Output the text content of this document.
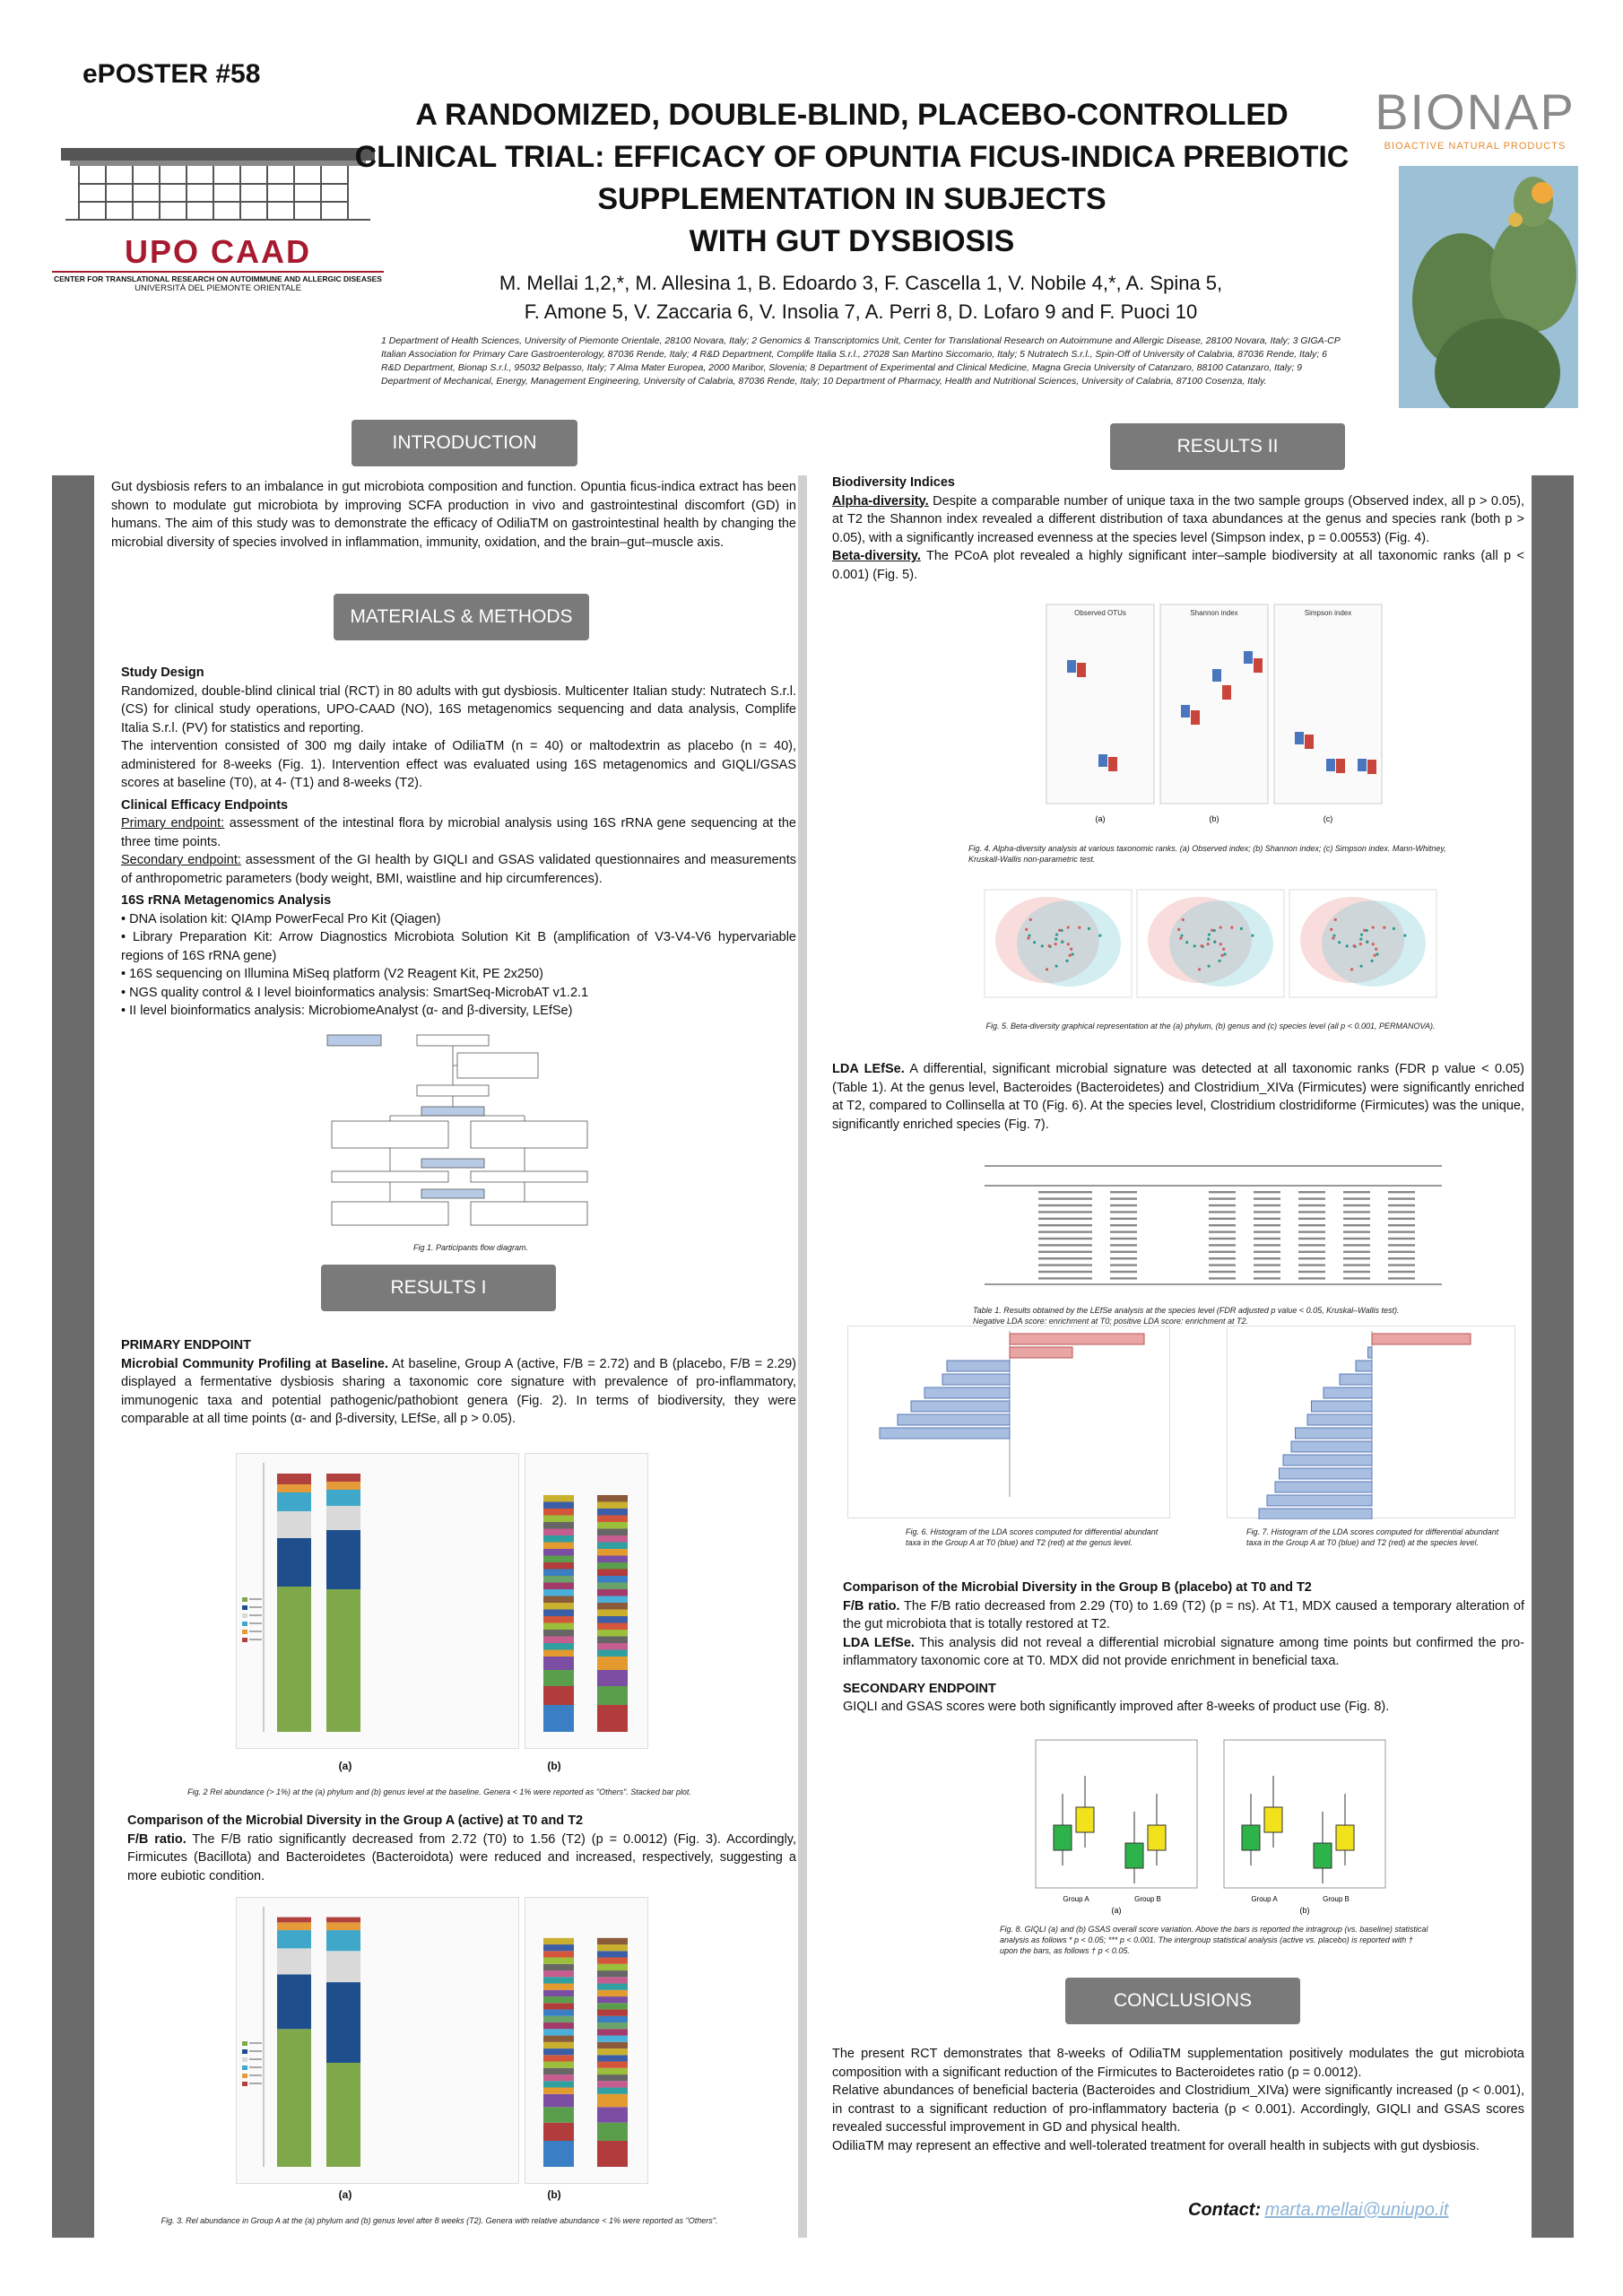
ePOSTER #58
UPO CAAD
CENTER FOR TRANSLATIONAL RESEARCH ON AUTOIMMUNE AND ALLERGIC DISEASES
UNIVERSITÀ DEL PIEMONTE ORIENTALE
A RANDOMIZED, DOUBLE-BLIND, PLACEBO-CONTROLLED
CLINICAL TRIAL: EFFICACY OF OPUNTIA FICUS-INDICA PREBIOTIC
SUPPLEMENTATION IN SUBJECTS
WITH GUT DYSBIOSIS
M. Mellai 1,2,*, M. Allesina 1, B. Edoardo 3, F. Cascella 1, V. Nobile 4,*, A. Spina 5,
F. Amone 5, V. Zaccaria 6, V. Insolia 7, A. Perri 8, D. Lofaro 9 and F. Puoci 10
1 Department of Health Sciences, University of Piemonte Orientale, 28100 Novara, Italy; 2 Genomics & Transcriptomics Unit, Center for Translational Research on Autoimmune and Allergic Disease, 28100 Novara, Italy; 3 GIGA-CP Italian Association for Primary Care Gastroenterology, 87036 Rende, Italy; 4 R&D Department, Complife Italia S.r.l., 27028 San Martino Siccomario, Italy; 5 Nutratech S.r.l., Spin-Off of University of Calabria, 87036 Rende, Italy; 6 R&D Department, Bionap S.r.l., 95032 Belpasso, Italy; 7 Alma Mater Europea, 2000 Maribor, Slovenia; 8 Department of Experimental and Clinical Medicine, Magna Grecia University of Catanzaro, 88100 Catanzaro, Italy; 9 Department of Mechanical, Energy, Management Engineering, University of Calabria, 87036 Rende, Italy; 10 Department of Pharmacy, Health and Nutritional Sciences, University of Calabria, 87100 Cosenza, Italy.
BIONAP
BIOACTIVE NATURAL PRODUCTS
INTRODUCTION
Gut dysbiosis refers to an imbalance in gut microbiota composition and function. Opuntia ficus-indica extract has been shown to modulate gut microbiota by improving SCFA production in vivo and gastrointestinal discomfort (GD) in humans. The aim of this study was to demonstrate the efficacy of OdiliaTM on gastrointestinal health by changing the microbial diversity of species involved in inflammation, immunity, oxidation, and the brain–gut–muscle axis.
MATERIALS & METHODS

Study Design

Randomized, double-blind clinical trial (RCT) in 80 adults with gut dysbiosis. Multicenter Italian study: Nutratech S.r.l. (CS) for clinical study operations, UPO-CAAD (NO), 16S metagenomics sequencing and data analysis, Complife Italia S.r.l. (PV) for statistics and reporting.

The intervention consisted of 300 mg daily intake of OdiliaTM (n = 40) or maltodextrin as placebo (n = 40), administered for 8-weeks (Fig. 1). Intervention effect was evaluated using 16S metagenomics and GIQLI/GSAS scores at baseline (T0), at 4- (T1) and 8-weeks (T2).

Clinical Efficacy Endpoints

Primary endpoint: assessment of the intestinal flora by microbial analysis using 16S rRNA gene sequencing at the three time points.

Secondary endpoint: assessment of the GI health by GIQLI and GSAS validated questionnaires and measurements of anthropometric parameters (body weight, BMI, waistline and hip circumferences).

16S rRNA Metagenomics Analysis

• DNA isolation kit: QIAmp PowerFecal Pro Kit (Qiagen)

• Library Preparation Kit: Arrow Diagnostics Microbiota Solution Kit B (amplification of V3-V4-V6 hypervariable regions of 16S rRNA gene)

• 16S sequencing on Illumina MiSeq platform (V2 Reagent Kit, PE 2x250)

• NGS quality control & I level bioinformatics analysis: SmartSeq-MicrobAT v1.2.1

• II level bioinformatics analysis: MicrobiomeAnalyst (α- and β-diversity, LEfSe)

Fig 1. Participants flow diagram.
RESULTS I

PRIMARY ENDPOINT

Microbial Community Profiling at Baseline. At baseline, Group A (active, F/B = 2.72) and B (placebo, F/B = 2.29) displayed a fermentative dysbiosis sharing a taxonomic core signature with prevalence of pro-inflammatory, immunogenic taxa and potential pathogenic/pathobiont genera (Fig. 2). In terms of biodiversity, they were comparable at all time points (α- and β-diversity, LEfSe, all p > 0.05).

(a)	(b)
Fig. 2 Rel abundance (> 1%) at the (a) phylum and (b) genus level at the baseline. Genera < 1% were reported as "Others". Stacked bar plot.

Comparison of the Microbial Diversity in the Group A (active) at T0 and T2

F/B ratio. The F/B ratio significantly decreased from 2.72 (T0) to 1.56 (T2) (p = 0.0012) (Fig. 3). Accordingly, Firmicutes (Bacillota) and Bacteroidetes (Bacteroidota) were reduced and increased, respectively, suggesting a more eubiotic condition.

(a)	(b)
Fig. 3. Rel abundance in Group A at the (a) phylum and (b) genus level after 8 weeks (T2). Genera with relative abundance < 1% were reported as "Others".
RESULTS II

Biodiversity Indices

Alpha-diversity. Despite a comparable number of unique taxa in the two sample groups (Observed index, all p > 0.05), at T2 the Shannon index revealed a different distribution of taxa abundances at the genus and species rank (both p > 0.05), with a significantly increased evenness at the species level (Simpson index, p = 0.00553) (Fig. 4).

Beta-diversity. The PCoA plot revealed a highly significant inter–sample biodiversity at all taxonomic ranks (all p < 0.001) (Fig. 5).

Observed OTUs	Shannon index	Simpson index
(a)	(b)	(c)
Fig. 4. Alpha-diversity analysis at various taxonomic ranks. (a) Observed index; (b) Shannon index; (c) Simpson index. Mann-Whitney, Kruskall-Wallis non-parametric test.
Fig. 5. Beta-diversity graphical representation at the (a) phylum, (b) genus and (c) species level (all p < 0.001, PERMANOVA).
LDA LEfSe. A differential, significant microbial signature was detected at all taxonomic ranks (FDR p value < 0.05) (Table 1). At the genus level, Bacteroides (Bacteroidetes) and Clostridium_XIVa (Firmicutes) were significantly enriched at T2, compared to Collinsella at T0 (Fig. 6). At the species level, Clostridium clostridiforme (Firmicutes) was the unique, significantly enriched species (Fig. 7).
Table 1. Results obtained by the LEfSe analysis at the species level (FDR adjusted p value < 0.05, Kruskal–Wallis test). Negative LDA score: enrichment at T0; positive LDA score: enrichment at T2.
Fig. 6. Histogram of the LDA scores computed for differential abundant taxa in the Group A at T0 (blue) and T2 (red) at the genus level.
Fig. 7. Histogram of the LDA scores computed for differential abundant taxa in the Group A at T0 (blue) and T2 (red) at the species level.

Comparison of the Microbial Diversity in the Group B (placebo) at T0 and T2

F/B ratio. The F/B ratio decreased from 2.29 (T0) to 1.69 (T2) (p = ns). At T1, MDX caused a temporary alteration of the gut microbiota that is totally restored at T2.

LDA LEfSe. This analysis did not reveal a differential microbial signature among time points but confirmed the pro-inflammatory taxonomic core at T0. MDX did not provide enrichment in beneficial taxa.

SECONDARY ENDPOINT

GIQLI and GSAS scores were both significantly improved after 8-weeks of product use (Fig. 8).

Group A	Group B
(a)
Group A	Group B
(b)
Fig. 8. GIQLI (a) and (b) GSAS overall score variation. Above the bars is reported the intragroup (vs. baseline) statistical analysis as follows * p < 0.05; *** p < 0.001. The intergroup statistical analysis (active vs. placebo) is reported with † upon the bars, as follows † p < 0.05.
CONCLUSIONS

The present RCT demonstrates that 8-weeks of OdiliaTM supplementation positively modulates the gut microbiota composition with a significant reduction of the Firmicutes to Bacteroidetes ratio (p = 0.0012).

Relative abundances of beneficial bacteria (Bacteroides and Clostridium_XIVa) were significantly increased (p < 0.001), in contrast to a significant reduction of pro-inflammatory bacteria (p < 0.001). Accordingly, GIQLI and GSAS scores revealed successful improvement in GD and physical health.

OdiliaTM may represent an effective and well-tolerated treatment for overall health in subjects with gut dysbiosis.

Contact: marta.mellai@uniupo.it
